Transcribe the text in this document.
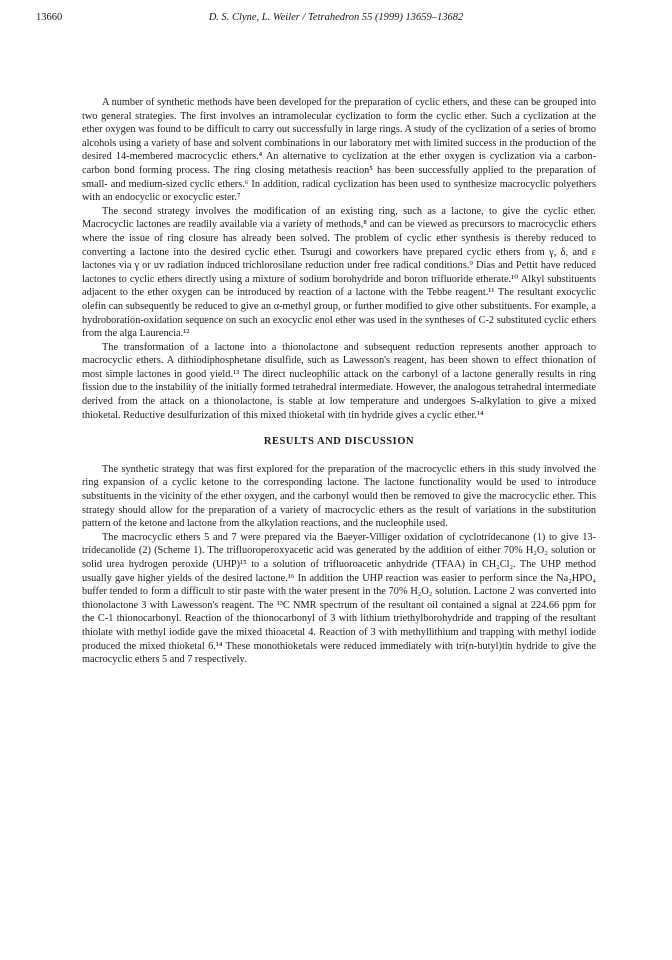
13660	D. S. Clyne, L. Weiler / Tetrahedron 55 (1999) 13659–13682

A number of synthetic methods have been developed for the preparation of cyclic ethers, and these can be grouped into two general strategies. The first involves an intramolecular cyclization to form the cyclic ether. Such a cyclization at the ether oxygen was found to be difficult to carry out successfully in large rings. A study of the cyclization of a series of bromo alcohols using a variety of base and solvent combinations in our laboratory met with limited success in the production of the desired 14-membered macrocyclic ethers.⁴ An alternative to cyclization at the ether oxygen is cyclization via a carbon-carbon bond forming process. The ring closing metathesis reaction⁵ has been successfully applied to the preparation of small- and medium-sized cyclic ethers.⁶ In addition, radical cyclization has been used to synthesize macrocyclic polyethers with an endocyclic or exocyclic ester.⁷

The second strategy involves the modification of an existing ring, such as a lactone, to give the cyclic ether. Macrocyclic lactones are readily available via a variety of methods,⁸ and can be viewed as precursors to macrocyclic ethers where the issue of ring closure has already been solved. The problem of cyclic ether synthesis is thereby reduced to converting a lactone into the desired cyclic ether. Tsurugi and coworkers have prepared cyclic ethers from γ, δ, and ε lactones via γ or uv radiation induced trichlorosilane reduction under free radical conditions.⁹ Dias and Pettit have reduced lactones to cyclic ethers directly using a mixture of sodium borohydride and boron trifluoride etherate.¹⁰ Alkyl substituents adjacent to the ether oxygen can be introduced by reaction of a lactone with the Tebbe reagent.¹¹ The resultant exocyclic olefin can subsequently be reduced to give an α-methyl group, or further modified to give other substituents. For example, a hydroboration-oxidation sequence on such an exocyclic enol ether was used in the syntheses of C-2 substituted cyclic ethers from the alga Laurencia.¹²

The transformation of a lactone into a thionolactone and subsequent reduction represents another approach to macrocyclic ethers. A dithiodiphosphetane disulfide, such as Lawesson's reagent, has been shown to effect thionation of most simple lactones in good yield.¹³ The direct nucleophilic attack on the carbonyl of a lactone generally results in ring fission due to the instability of the initially formed tetrahedral intermediate. However, the analogous tetrahedral intermediate derived from the attack on a thionolactone, is stable at low temperature and undergoes S-alkylation to give a mixed thioketal. Reductive desulfurization of this mixed thioketal with tin hydride gives a cyclic ether.¹⁴

RESULTS AND DISCUSSION

The synthetic strategy that was first explored for the preparation of the macrocyclic ethers in this study involved the ring expansion of a cyclic ketone to the corresponding lactone. The lactone functionality would be used to introduce substituents in the vicinity of the ether oxygen, and the carbonyl would then be removed to give the macrocyclic ether. This strategy should allow for the preparation of a variety of macrocyclic ethers as the result of variations in the substitution pattern of the ketone and lactone from the alkylation reactions, and the nucleophile used.

The macrocyclic ethers 5 and 7 were prepared via the Baeyer-Villiger oxidation of cyclotridecanone (1) to give 13-tridecanolide (2) (Scheme 1). The trifluoroperoxyacetic acid was generated by the addition of either 70% H₂O₂ solution or solid urea hydrogen peroxide (UHP)¹⁵ to a solution of trifluoroacetic anhydride (TFAA) in CH₂Cl₂. The UHP method usually gave higher yields of the desired lactone.¹⁶ In addition the UHP reaction was easier to perform since the Na₂HPO₄ buffer tended to form a difficult to stir paste with the water present in the 70% H₂O₂ solution. Lactone 2 was converted into thionolactone 3 with Lawesson's reagent. The ¹³C NMR spectrum of the resultant oil contained a signal at 224.66 ppm for the C-1 thionocarbonyl. Reaction of the thionocarbonyl of 3 with lithium triethylborohydride and trapping of the resultant thiolate with methyl iodide gave the mixed thioacetal 4. Reaction of 3 with methyllithium and trapping with methyl iodide produced the mixed thioketal 6.¹⁴ These monothioketals were reduced immediately with tri(n-butyl)tin hydride to give the macrocyclic ethers 5 and 7 respectively.
